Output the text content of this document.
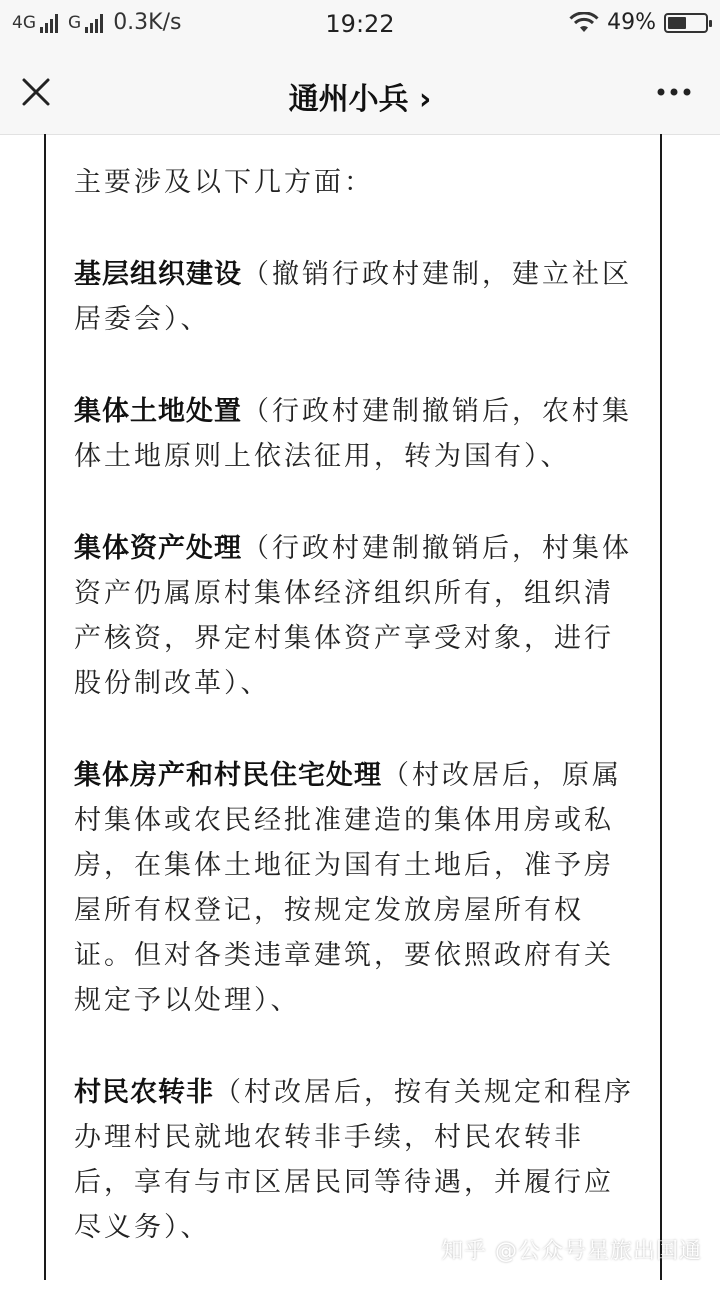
4G G 0.3K/s	19:22	49%
通州小兵 ›

主要涉及以下几方面：

基层组织建设（撤销行政村建制，建立社区居委会）、

集体土地处置（行政村建制撤销后，农村集体土地原则上依法征用，转为国有）、

集体资产处理（行政村建制撤销后，村集体资产仍属原村集体经济组织所有，组织清产核资，界定村集体资产享受对象，进行股份制改革）、

集体房产和村民住宅处理（村改居后，原属村集体或农民经批准建造的集体用房或私房，在集体土地征为国有土地后，准予房屋所有权登记，按规定发放房屋所有权证。但对各类违章建筑，要依照政府有关规定予以处理）、

村民农转非（村改居后，按有关规定和程序办理村民就地农转非手续，村民农转非后，享有与市区居民同等待遇，并履行应尽义务）、

知乎 @公众号星旅出国通
